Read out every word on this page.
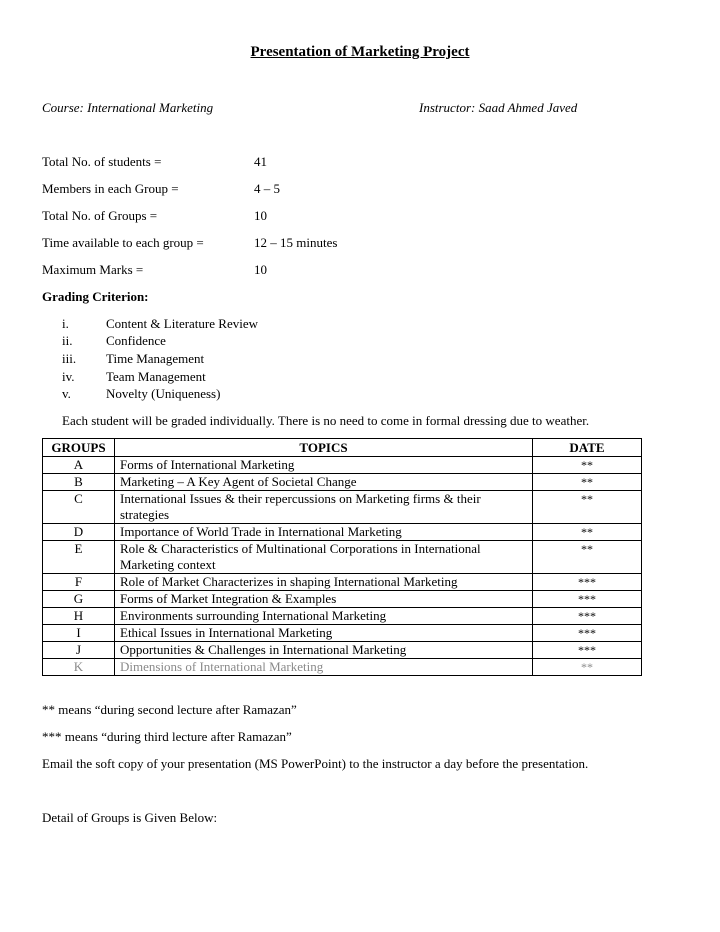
Presentation of Marketing Project
Course: International Marketing	Instructor: Saad Ahmed Javed
Total No. of students =	41
Members in each Group =	4 – 5
Total No. of Groups =	10
Time available to each group =	12 – 15 minutes
Maximum Marks =	10
Grading Criterion:
i.	Content & Literature Review
ii.	Confidence
iii. Time Management
iv. Team Management
v.	Novelty (Uniqueness)
Each student will be graded individually. There is no need to come in formal dressing due to weather.
GROUPS	TOPICS	DATE
A	Forms of International Marketing	**
B	Marketing – A Key Agent of Societal Change	**
C	International Issues & their repercussions on Marketing firms & their strategies	**
D	Importance of World Trade in International Marketing	**
E	Role & Characteristics of Multinational Corporations in International Marketing context	**
F	Role of Market Characterizes in shaping International Marketing	***
G	Forms of Market Integration & Examples	***
H	Environments surrounding International Marketing	***
I	Ethical Issues in International Marketing	***
J	Opportunities & Challenges in International Marketing	***
K	Dimensions of International Marketing	**
** means “during second lecture after Ramazan”
*** means “during third lecture after Ramazan”
Email the soft copy of your presentation (MS PowerPoint) to the instructor a day before the presentation.
Detail of Groups is Given Below:
